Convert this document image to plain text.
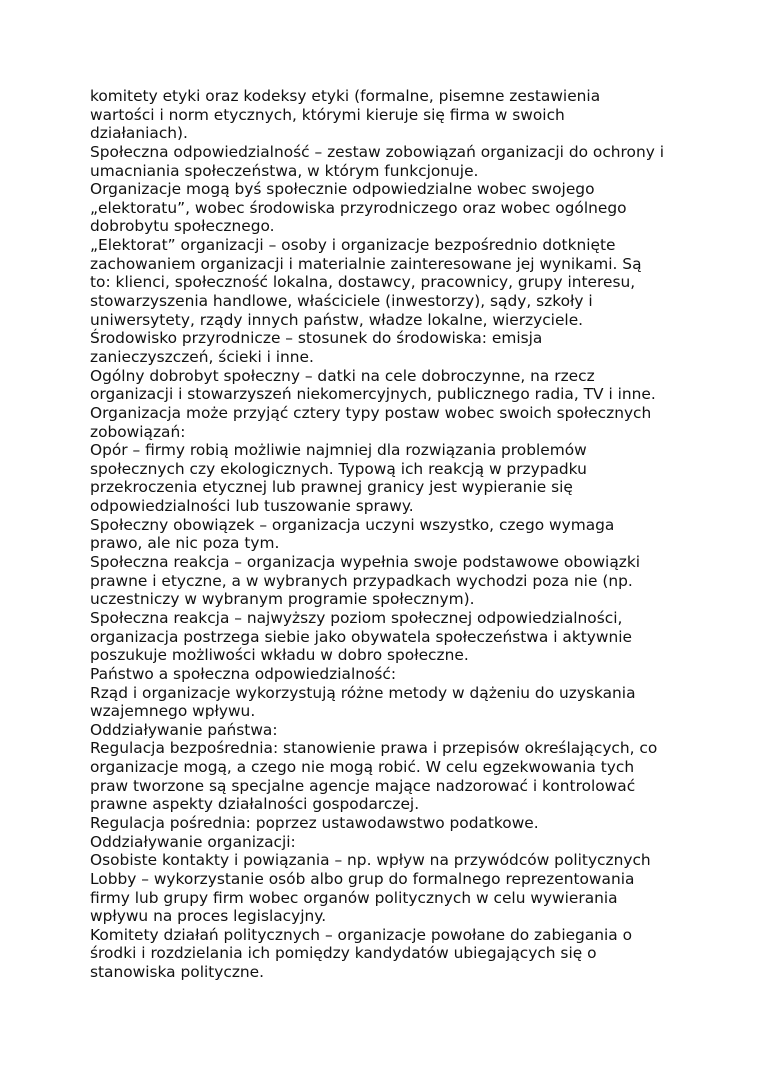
komitety etyki oraz kodeksy etyki (formalne, pisemne zestawienia
wartości i norm etycznych, którymi kieruje się firma w swoich
działaniach).
Społeczna odpowiedzialność – zestaw zobowiązań organizacji do ochrony i
umacniania społeczeństwa, w którym funkcjonuje.
Organizacje mogą byś społecznie odpowiedzialne wobec swojego
„elektoratu”, wobec środowiska przyrodniczego oraz wobec ogólnego
dobrobytu społecznego.
„Elektorat” organizacji – osoby i organizacje bezpośrednio dotknięte
zachowaniem organizacji i materialnie zainteresowane jej wynikami. Są
to: klienci, społeczność lokalna, dostawcy, pracownicy, grupy interesu,
stowarzyszenia handlowe, właściciele (inwestorzy), sądy, szkoły i
uniwersytety, rządy innych państw, władze lokalne, wierzyciele.
Środowisko przyrodnicze – stosunek do środowiska: emisja
zanieczyszczeń, ścieki i inne.
Ogólny dobrobyt społeczny – datki na cele dobroczynne, na rzecz
organizacji i stowarzyszeń niekomercyjnych, publicznego radia, TV i inne.
Organizacja może przyjąć cztery typy postaw wobec swoich społecznych
zobowiązań:
Opór – firmy robią możliwie najmniej dla rozwiązania problemów
społecznych czy ekologicznych. Typową ich reakcją w przypadku
przekroczenia etycznej lub prawnej granicy jest wypieranie się
odpowiedzialności lub tuszowanie sprawy.
Społeczny obowiązek – organizacja uczyni wszystko, czego wymaga
prawo, ale nic poza tym.
Społeczna reakcja – organizacja wypełnia swoje podstawowe obowiązki
prawne i etyczne, a w wybranych przypadkach wychodzi poza nie (np.
uczestniczy w wybranym programie społecznym).
Społeczna reakcja – najwyższy poziom społecznej odpowiedzialności,
organizacja postrzega siebie jako obywatela społeczeństwa i aktywnie
poszukuje możliwości wkładu w dobro społeczne.
Państwo a społeczna odpowiedzialność:
Rząd i organizacje wykorzystują różne metody w dążeniu do uzyskania
wzajemnego wpływu.
Oddziaływanie państwa:
Regulacja bezpośrednia: stanowienie prawa i przepisów określających, co
organizacje mogą, a czego nie mogą robić. W celu egzekwowania tych
praw tworzone są specjalne agencje mające nadzorować i kontrolować
prawne aspekty działalności gospodarczej.
Regulacja pośrednia: poprzez ustawodawstwo podatkowe.
Oddziaływanie organizacji:
Osobiste kontakty i powiązania – np. wpływ na przywódców politycznych
Lobby – wykorzystanie osób albo grup do formalnego reprezentowania
firmy lub grupy firm wobec organów politycznych w celu wywierania
wpływu na proces legislacyjny.
Komitety działań politycznych – organizacje powołane do zabiegania o
środki i rozdzielania ich pomiędzy kandydatów ubiegających się o
stanowiska polityczne.
